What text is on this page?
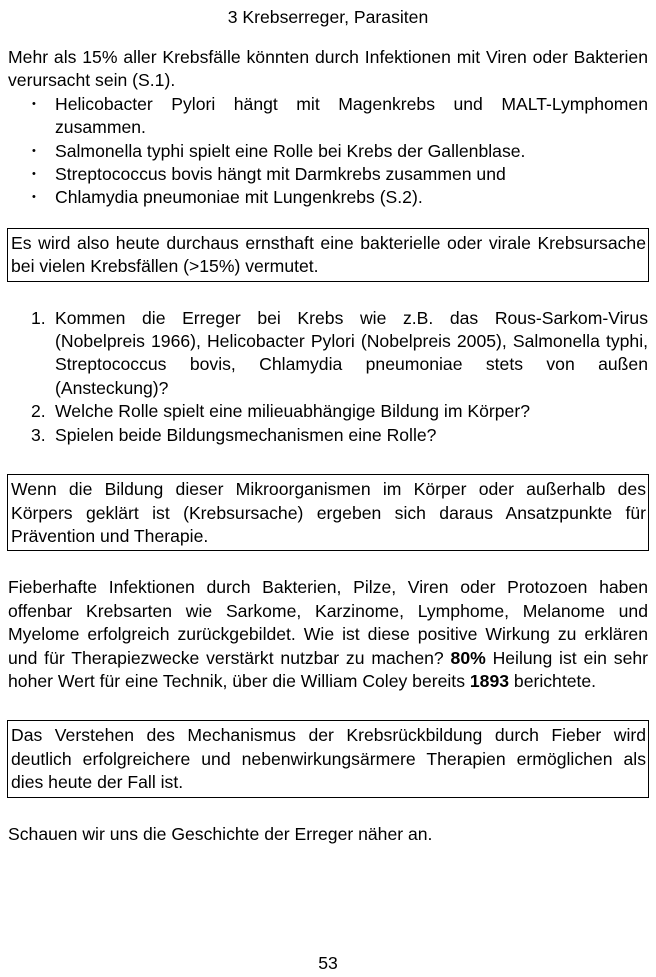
3 Krebserreger, Parasiten

Mehr als 15% aller Krebsfälle könnten durch Infektionen mit Viren oder Bakterien verursacht sein (S.1).

• Helicobacter Pylori hängt mit Magenkrebs und MALT-Lymphomen zusammen.
• Salmonella typhi spielt eine Rolle bei Krebs der Gallenblase.
• Streptococcus bovis hängt mit Darmkrebs zusammen und
• Chlamydia pneumoniae mit Lungenkrebs (S.2).
Es wird also heute durchaus ernsthaft eine bakterielle oder virale Krebsursache bei vielen Krebsfällen (>15%) vermutet.
1. Kommen die Erreger bei Krebs wie z.B. das Rous-Sarkom-Virus (Nobelpreis 1966), Helicobacter Pylori (Nobelpreis 2005), Salmonella typhi, Streptococcus bovis, Chlamydia pneumoniae stets von außen (Ansteckung)?
2. Welche Rolle spielt eine milieuabhängige Bildung im Körper?
3. Spielen beide Bildungsmechanismen eine Rolle?
Wenn die Bildung dieser Mikroorganismen im Körper oder außerhalb des Körpers geklärt ist (Krebsursache) ergeben sich daraus Ansatzpunkte für Prävention und Therapie.

Fieberhafte Infektionen durch Bakterien, Pilze, Viren oder Protozoen haben offenbar Krebsarten wie Sarkome, Karzinome, Lymphome, Melanome und Myelome erfolgreich zurückgebildet. Wie ist diese positive Wirkung zu erklären und für Therapiezwecke verstärkt nutzbar zu machen? 80% Heilung ist ein sehr hoher Wert für eine Technik, über die William Coley bereits 1893 berichtete.

Das Verstehen des Mechanismus der Krebsrückbildung durch Fieber wird deutlich erfolgreichere und nebenwirkungsärmere Therapien ermöglichen als dies heute der Fall ist.

Schauen wir uns die Geschichte der Erreger näher an.

53
